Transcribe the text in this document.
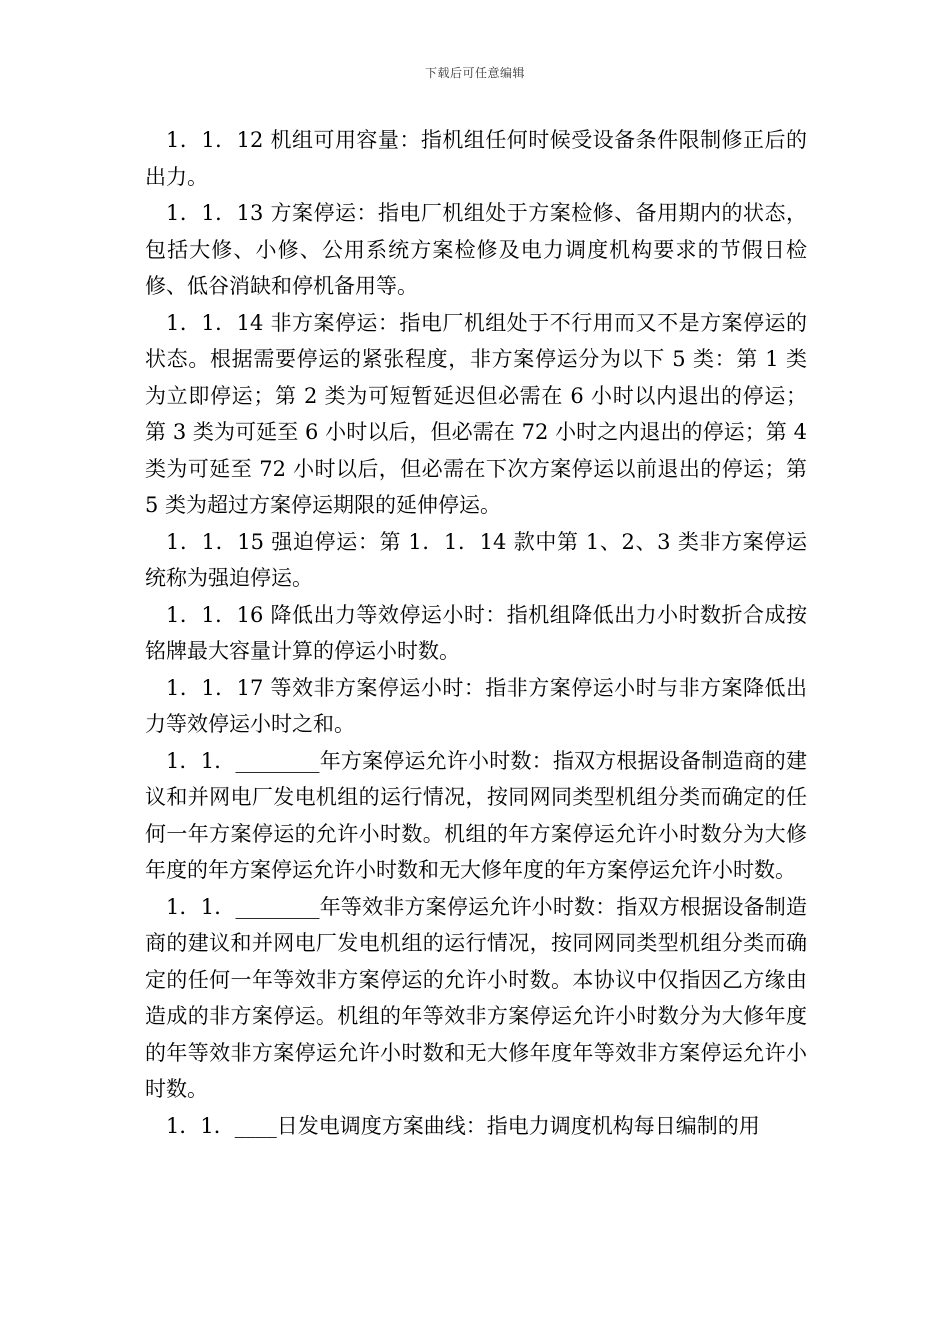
下载后可任意编辑

1．1．12 机组可用容量：指机组任何时候受设备条件限制修正后的出力。

1．1．13 方案停运：指电厂机组处于方案检修、备用期内的状态，包括大修、小修、公用系统方案检修及电力调度机构要求的节假日检修、低谷消缺和停机备用等。

1．1．14 非方案停运：指电厂机组处于不行用而又不是方案停运的状态。根据需要停运的紧张程度，非方案停运分为以下 5 类：第 1 类为立即停运；第 2 类为可短暂延迟但必需在 6 小时以内退出的停运；第 3 类为可延至 6 小时以后，但必需在 72 小时之内退出的停运；第 4 类为可延至 72 小时以后，但必需在下次方案停运以前退出的停运；第 5 类为超过方案停运期限的延伸停运。

1．1．15 强迫停运：第 1．1．14 款中第 1、2、3 类非方案停运统称为强迫停运。

1．1．16 降低出力等效停运小时：指机组降低出力小时数折合成按铭牌最大容量计算的停运小时数。

1．1．17 等效非方案停运小时：指非方案停运小时与非方案降低出力等效停运小时之和。

1．1．________年方案停运允许小时数：指双方根据设备制造商的建议和并网电厂发电机组的运行情况，按同网同类型机组分类而确定的任何一年方案停运的允许小时数。机组的年方案停运允许小时数分为大修年度的年方案停运允许小时数和无大修年度的年方案停运允许小时数。

1．1．________年等效非方案停运允许小时数：指双方根据设备制造商的建议和并网电厂发电机组的运行情况，按同网同类型机组分类而确定的任何一年等效非方案停运的允许小时数。本协议中仅指因乙方缘由造成的非方案停运。机组的年等效非方案停运允许小时数分为大修年度的年等效非方案停运允许小时数和无大修年度年等效非方案停运允许小时数。

1．1．____日发电调度方案曲线：指电力调度机构每日编制的用
